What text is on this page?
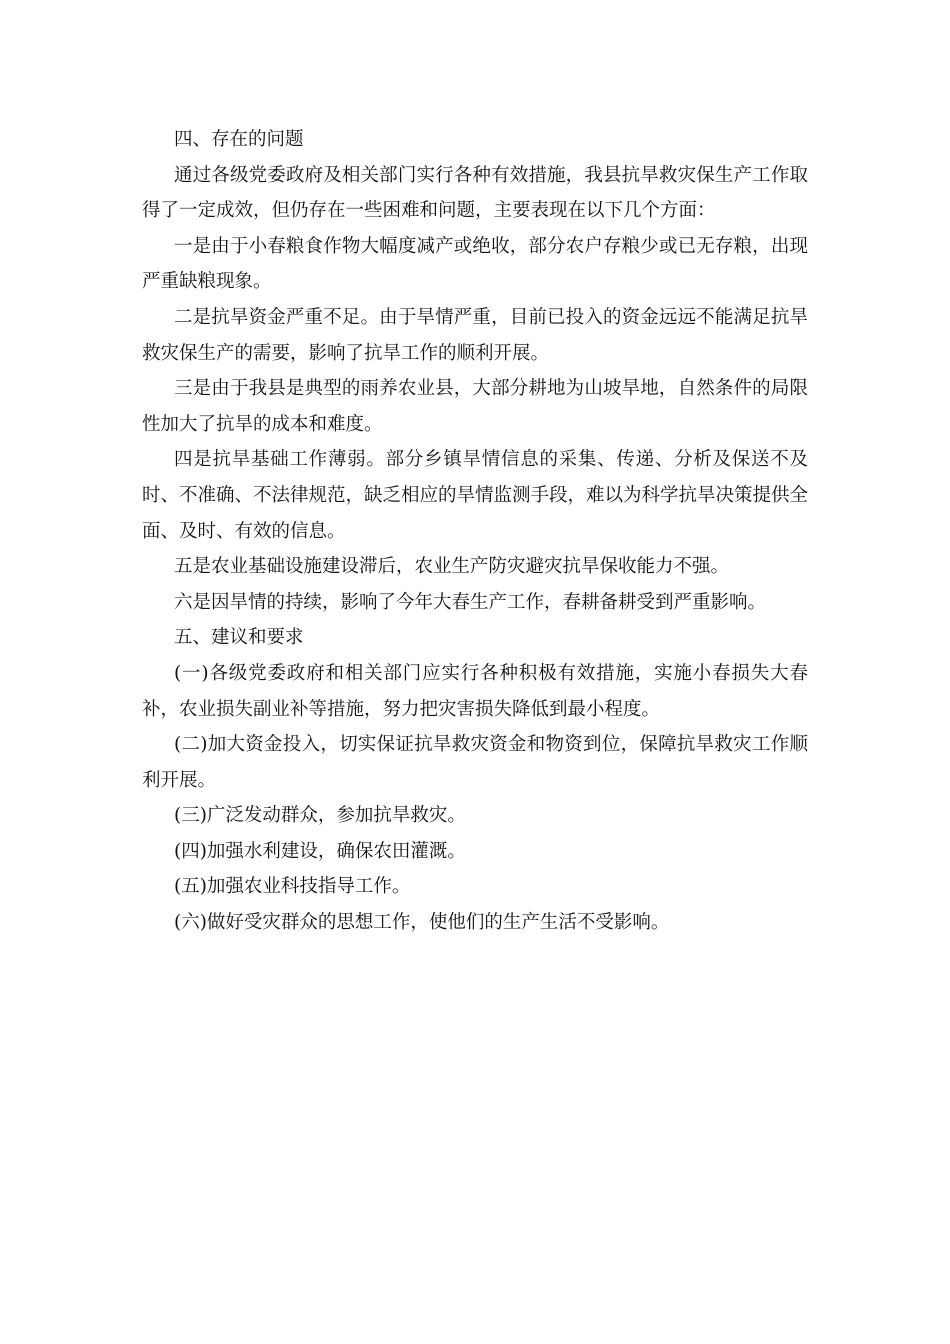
四、存在的问题

通过各级党委政府及相关部门实行各种有效措施，我县抗旱救灾保生产工作取得了一定成效，但仍存在一些困难和问题，主要表现在以下几个方面：

一是由于小春粮食作物大幅度减产或绝收，部分农户存粮少或已无存粮，出现严重缺粮现象。

二是抗旱资金严重不足。由于旱情严重，目前已投入的资金远远不能满足抗旱救灾保生产的需要，影响了抗旱工作的顺利开展。

三是由于我县是典型的雨养农业县，大部分耕地为山坡旱地，自然条件的局限性加大了抗旱的成本和难度。

四是抗旱基础工作薄弱。部分乡镇旱情信息的采集、传递、分析及保送不及时、不准确、不法律规范，缺乏相应的旱情监测手段，难以为科学抗旱决策提供全面、及时、有效的信息。

五是农业基础设施建设滞后，农业生产防灾避灾抗旱保收能力不强。

六是因旱情的持续，影响了今年大春生产工作，春耕备耕受到严重影响。

五、建议和要求

(一)各级党委政府和相关部门应实行各种积极有效措施，实施小春损失大春补，农业损失副业补等措施，努力把灾害损失降低到最小程度。

(二)加大资金投入，切实保证抗旱救灾资金和物资到位，保障抗旱救灾工作顺利开展。

(三)广泛发动群众，参加抗旱救灾。

(四)加强水利建设，确保农田灌溉。

(五)加强农业科技指导工作。

(六)做好受灾群众的思想工作，使他们的生产生活不受影响。
